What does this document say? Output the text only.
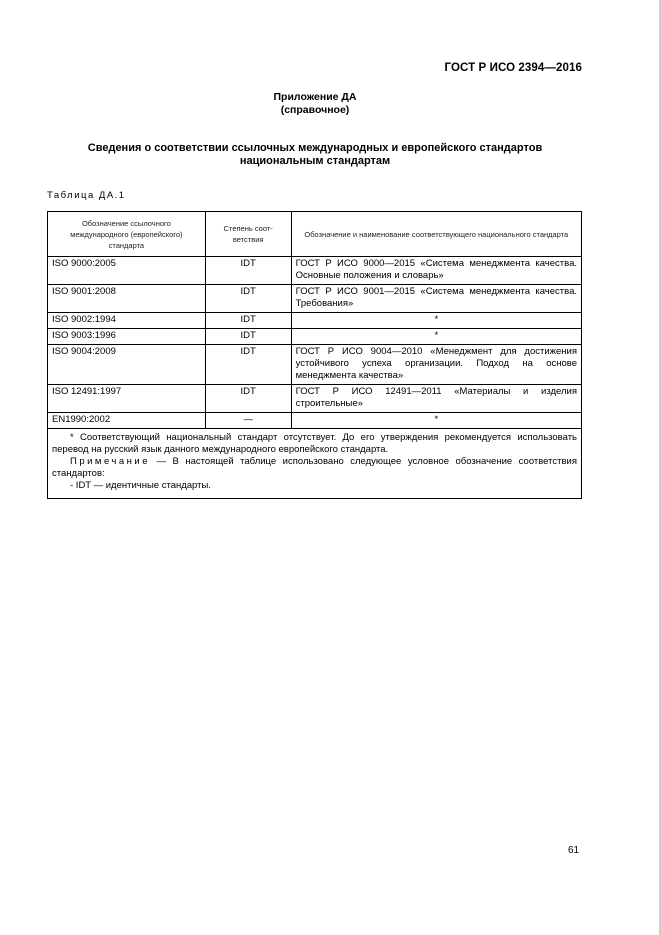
ГОСТ Р ИСО 2394—2016
Приложение ДА
(справочное)
Сведения о соответствии ссылочных международных и европейского стандартов
национальным стандартам
Таблица ДА.1
Обозначение ссылочного международного (европейского) стандарта	Степень соот-ветствия	Обозначение и наименование соответствующего национального стандарта
ISO 9000:2005	IDT	ГОСТ Р ИСО 9000—2015 «Система менеджмента качества. Основные положения и словарь»
ISO 9001:2008	IDT	ГОСТ Р ИСО 9001—2015 «Система менеджмента качества. Требования»
ISO 9002:1994	IDT	*
ISO 9003:1996	IDT	*
ISO 9004:2009	IDT	ГОСТ Р ИСО 9004—2010 «Менеджмент для достижения устойчивого успеха организации. Подход на основе менеджмента качества»
ISO 12491:1997	IDT	ГОСТ Р ИСО 12491—2011 «Материалы и изделия строительные»
EN1990:2002	—	*

* Соответствующий национальный стандарт отсутствует. До его утверждения рекомендуется использовать перевод на русский язык данного международного европейского стандарта.

Примечание — В настоящей таблице использовано следующее условное обозначение соответствия стандартов:

- IDT — идентичные стандарты.		

61
